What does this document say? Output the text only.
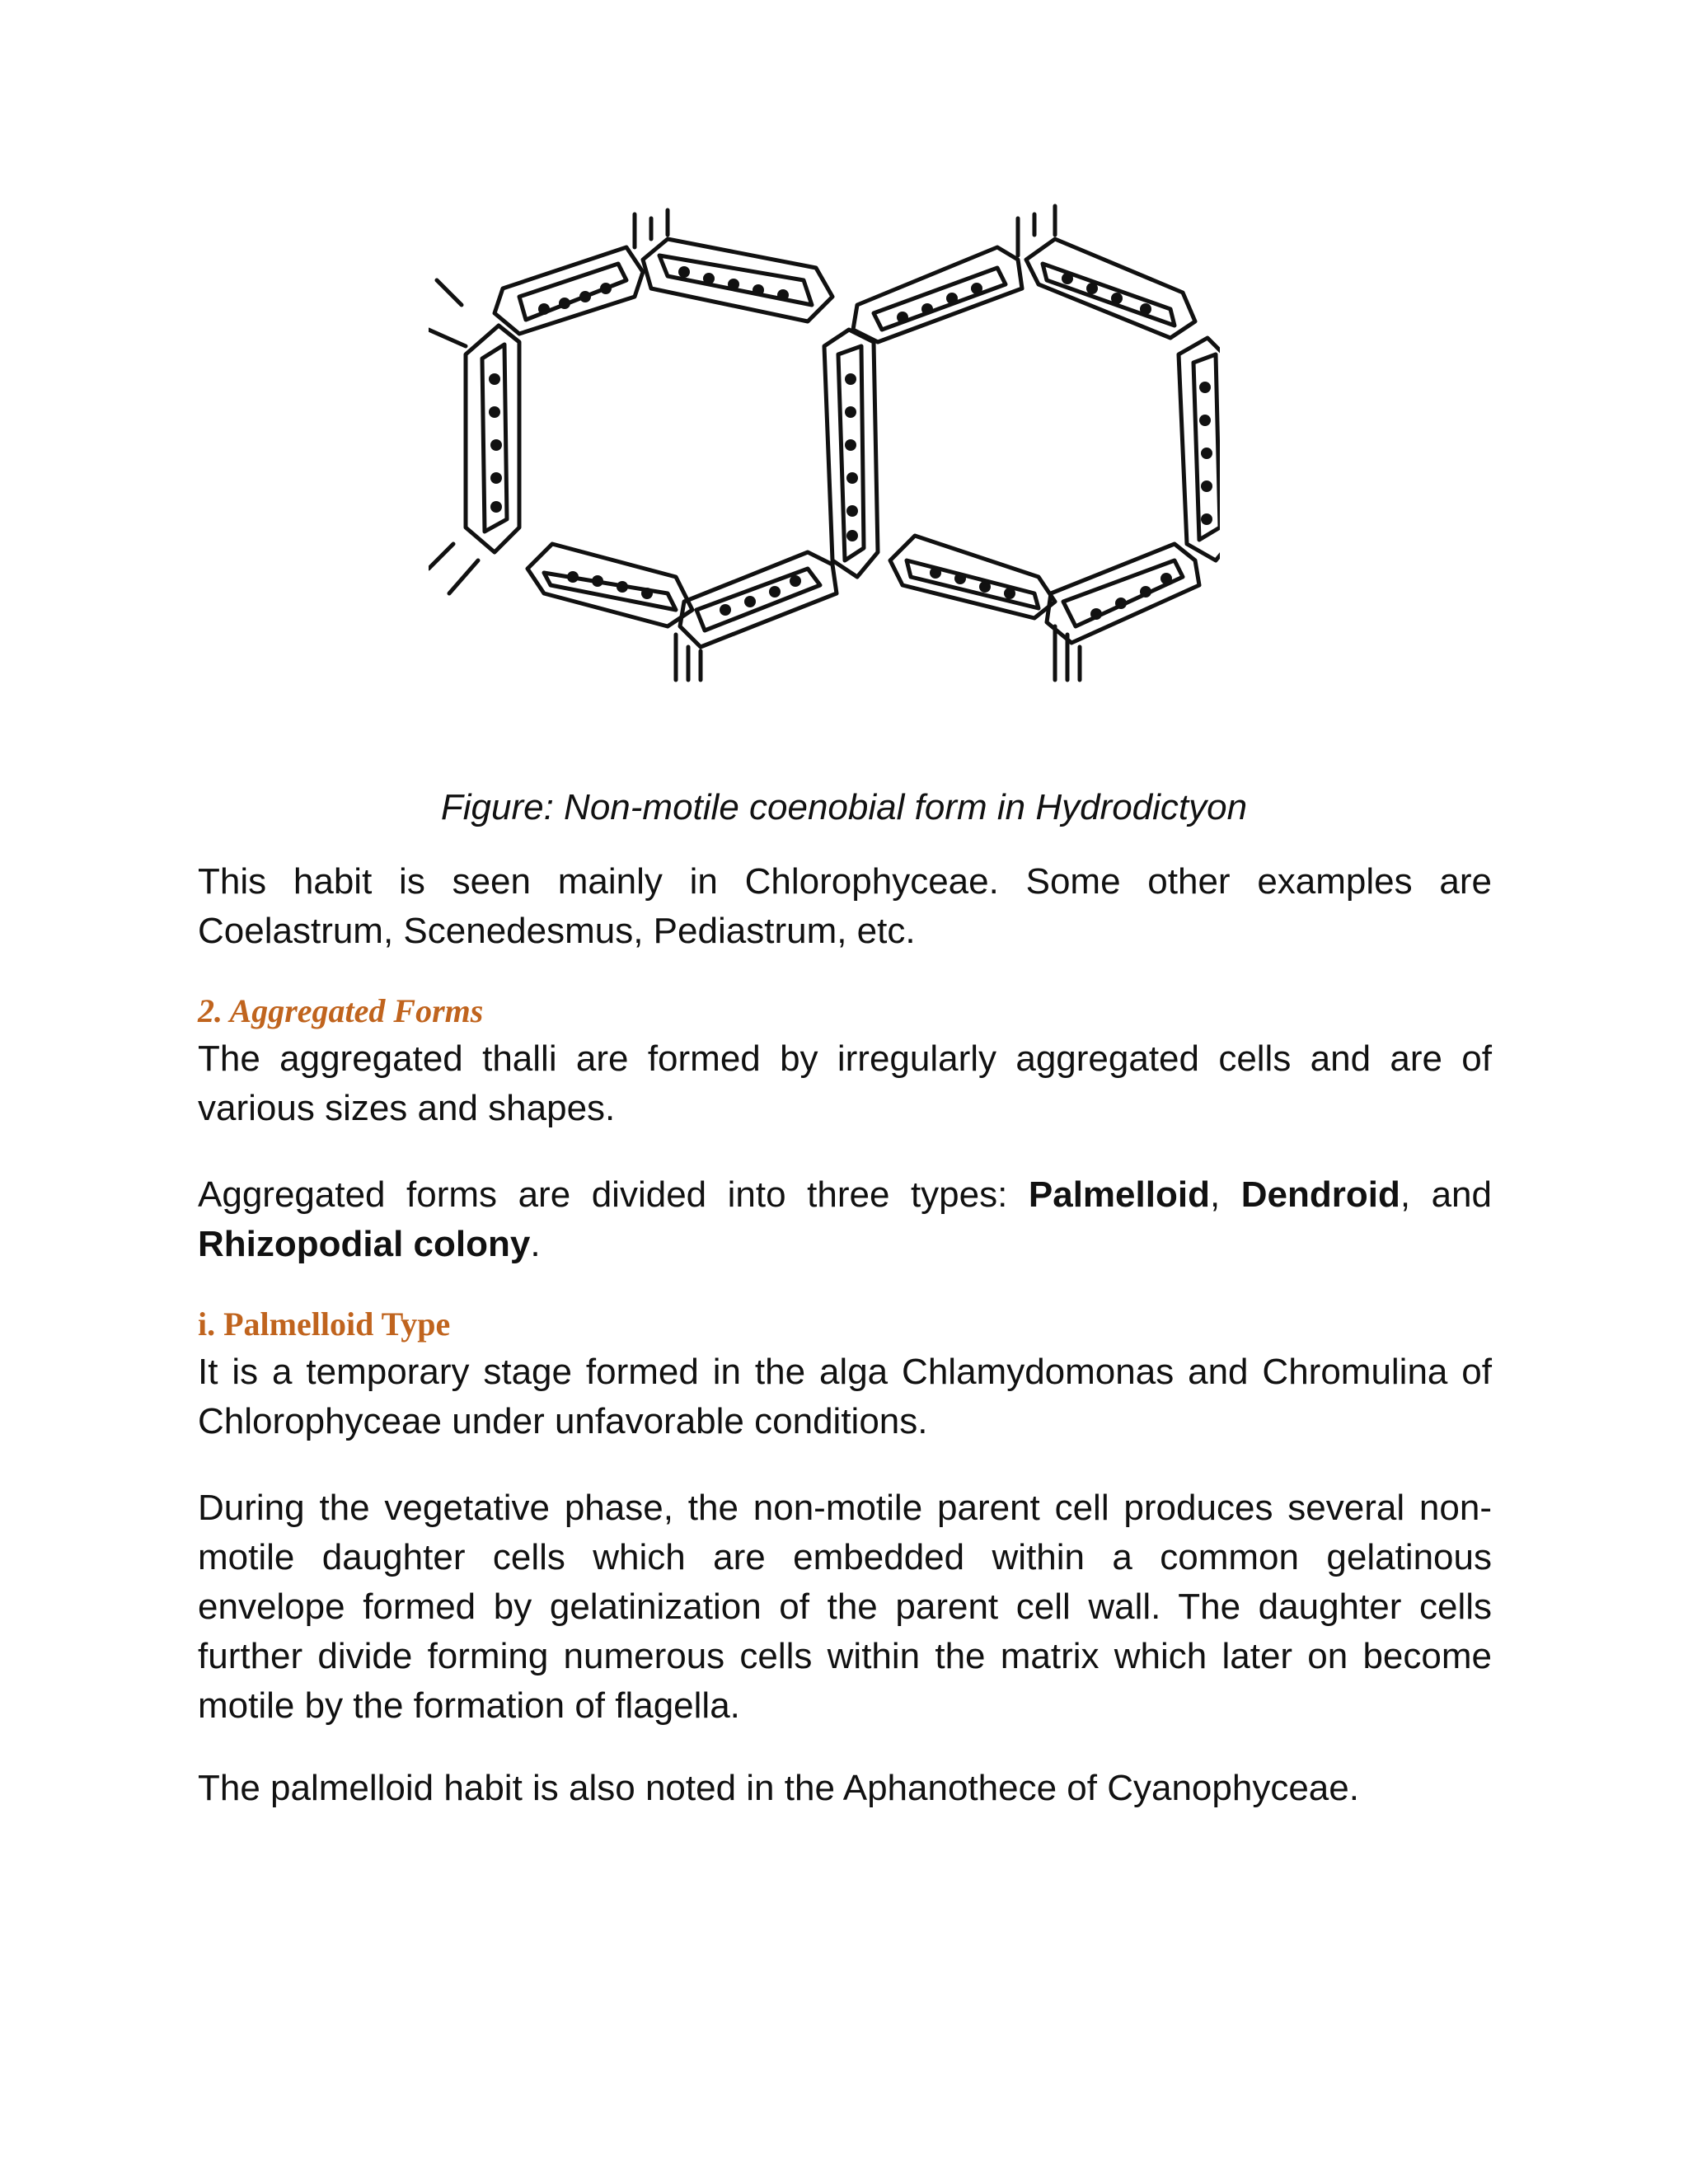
Figure: Non-motile coenobial form in Hydrodictyon

This habit is seen mainly in Chlorophyceae. Some other examples are Coelastrum, Scenedesmus, Pediastrum, etc.

2. Aggregated Forms

The aggregated thalli are formed by irregularly aggregated cells and are of various sizes and shapes.

Aggregated forms are divided into three types: Palmelloid, Dendroid, and Rhizopodial colony.

i. Palmelloid Type

It is a temporary stage formed in the alga Chlamydomonas and Chromulina of Chlorophyceae under unfavorable conditions.

During the vegetative phase, the non-motile parent cell produces several non-motile daughter cells which are embedded within a common gelatinous envelope formed by gelatinization of the parent cell wall. The daughter cells further divide forming numerous cells within the matrix which later on become motile by the formation of flagella.

The palmelloid habit is also noted in the Aphanothece of Cyanophyceae.
